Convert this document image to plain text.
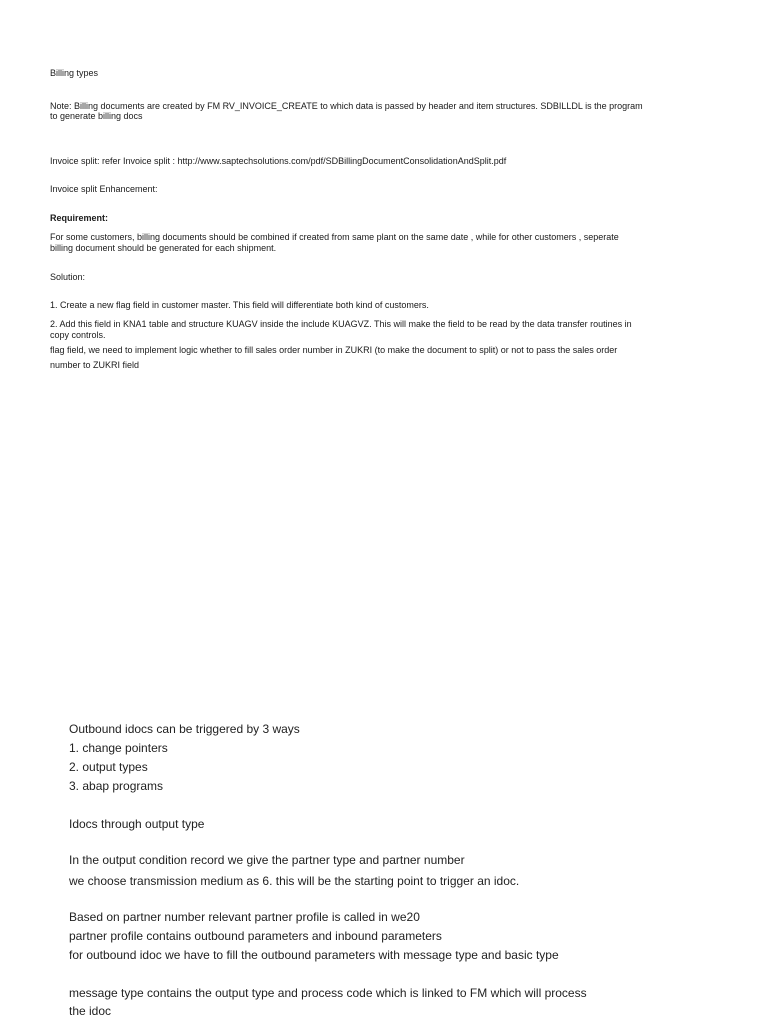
Billing types

Note: Billing documents are created by FM RV_INVOICE_CREATE to which data is passed by header and item structures. SDBILLDL is the program

to generate billing docs

Invoice split: refer Invoice split : http://www.saptechsolutions.com/pdf/SDBillingDocumentConsolidationAndSplit.pdf

Invoice split Enhancement:

Requirement:

For some customers, billing documents should be combined if created from same plant on the same date , while for other customers , seperate

billing document should be generated for each shipment.

Solution:

1. Create a new flag field in customer master. This field will differentiate both kind of customers.

2. Add this field in KNA1 table and structure KUAGV inside the include KUAGVZ. This will make the field to be read by the data transfer routines in

copy controls.

flag field, we need to implement logic whether to fill sales order number in ZUKRI (to make the document to split) or not to pass the sales order

number to ZUKRI field

Outbound idocs can be triggered by 3 ways

1. change pointers

2. output types

3. abap programs

Idocs through output type

In the output condition record we give the partner type and partner number

we choose transmission medium as 6. this will be the starting point to trigger an idoc.

Based on partner number relevant partner profile is called in we20

partner profile contains outbound parameters and inbound parameters

for outbound idoc we have to fill the outbound parameters with message type and basic type

message type contains the output type and process code which is linked to FM which will process

the idoc
